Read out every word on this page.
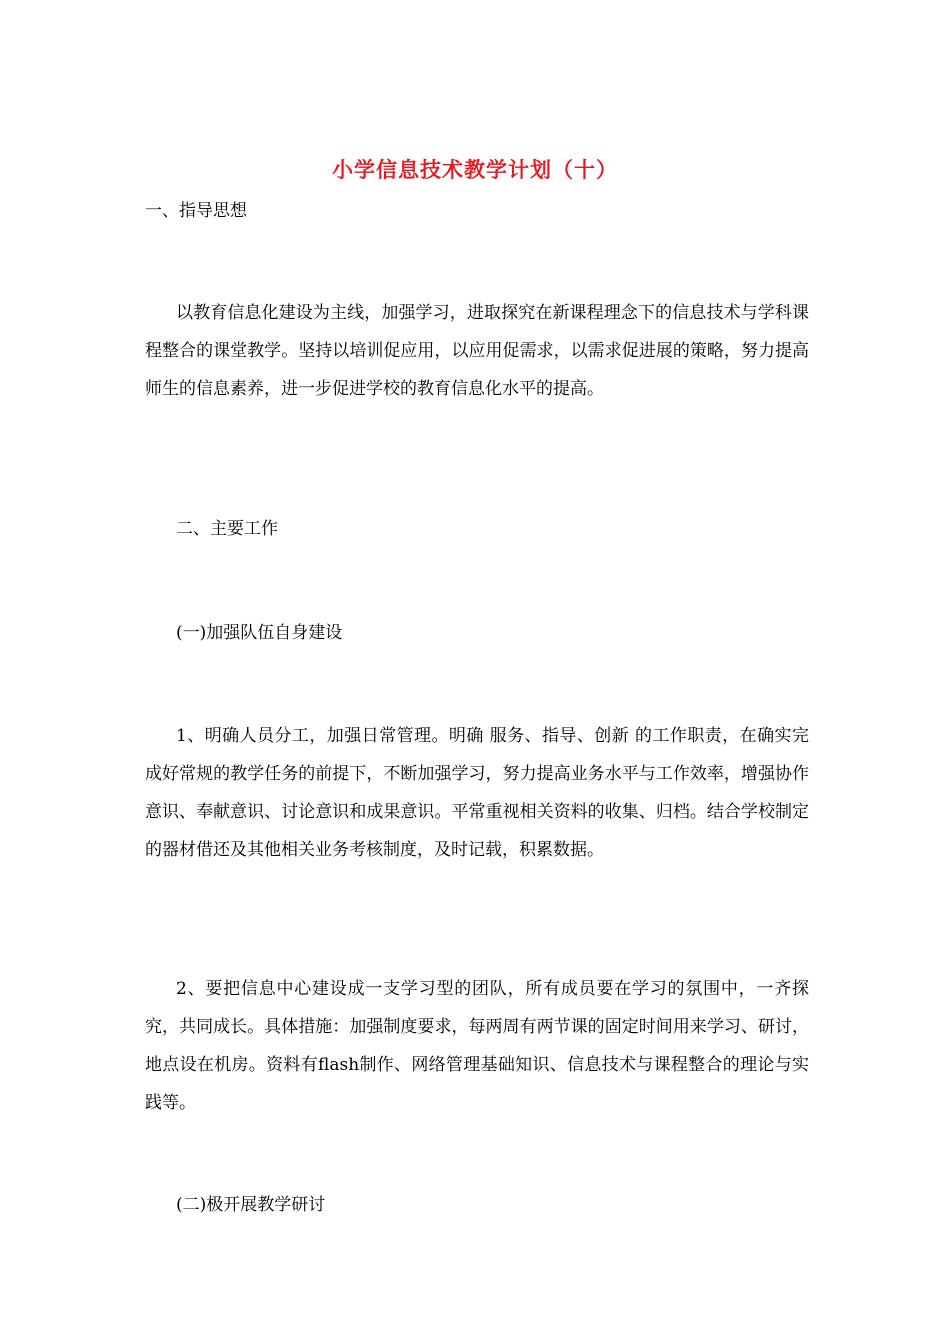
小学信息技术教学计划（十）

一、指导思想

以教育信息化建设为主线，加强学习，进取探究在新课程理念下的信息技术与学科课程整合的课堂教学。坚持以培训促应用，以应用促需求，以需求促进展的策略，努力提高师生的信息素养，进一步促进学校的教育信息化水平的提高。

二、主要工作

(一)加强队伍自身建设

1、明确人员分工，加强日常管理。明确 服务、指导、创新 的工作职责，在确实完成好常规的教学任务的前提下，不断加强学习，努力提高业务水平与工作效率，增强协作意识、奉献意识、讨论意识和成果意识。平常重视相关资料的收集、归档。结合学校制定的器材借还及其他相关业务考核制度，及时记载，积累数据。

2、要把信息中心建设成一支学习型的团队，所有成员要在学习的氛围中，一齐探究，共同成长。具体措施：加强制度要求，每两周有两节课的固定时间用来学习、研讨，地点设在机房。资料有flash制作、网络管理基础知识、信息技术与课程整合的理论与实践等。

(二)极开展教学研讨
